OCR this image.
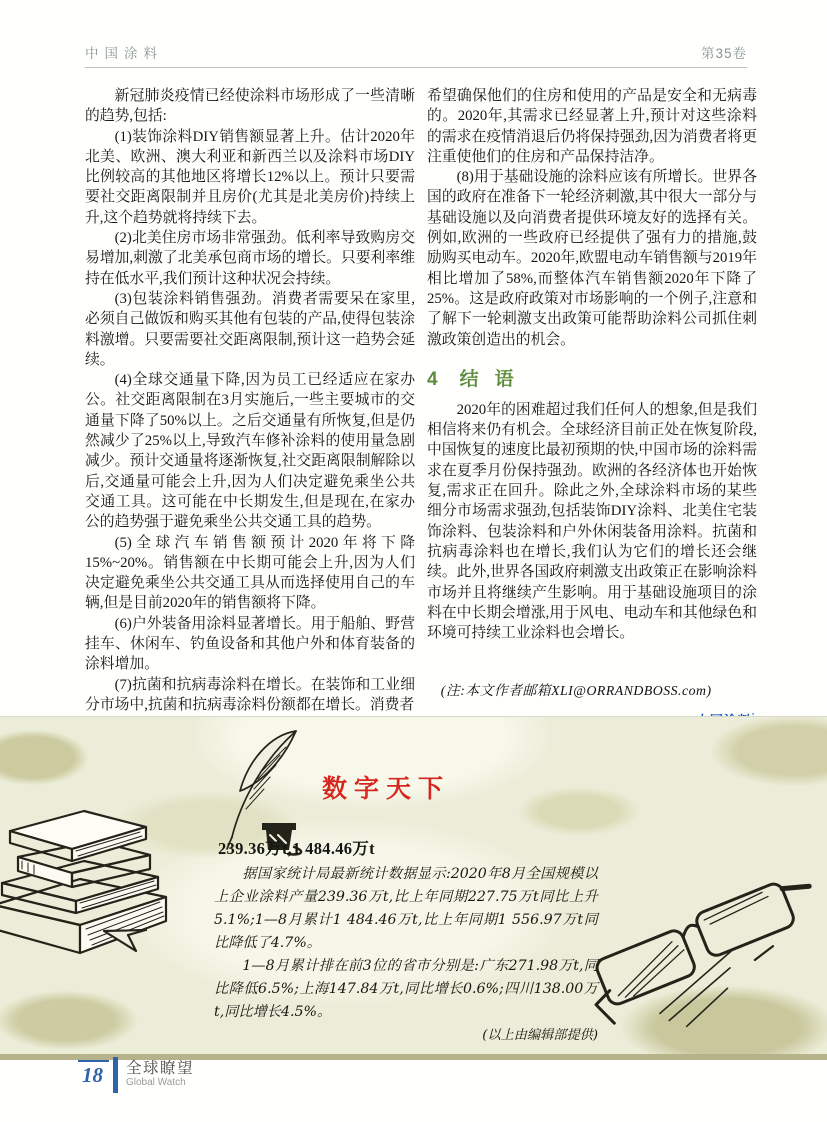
中国涂料	第35卷

新冠肺炎疫情已经使涂料市场形成了一些清晰的趋势,包括:

(1)装饰涂料DIY销售额显著上升。估计2020年北美、欧洲、澳大利亚和新西兰以及涂料市场DIY比例较高的其他地区将增长12%以上。预计只要需要社交距离限制并且房价(尤其是北美房价)持续上升,这个趋势就将持续下去。

(2)北美住房市场非常强劲。低利率导致购房交易增加,刺激了北美承包商市场的增长。只要利率维持在低水平,我们预计这种状况会持续。

(3)包装涂料销售强劲。消费者需要呆在家里,必须自己做饭和购买其他有包装的产品,使得包装涂料激增。只要需要社交距离限制,预计这一趋势会延续。

(4)全球交通量下降,因为员工已经适应在家办公。社交距离限制在3月实施后,一些主要城市的交通量下降了50%以上。之后交通量有所恢复,但是仍然减少了25%以上,导致汽车修补涂料的使用量急剧减少。预计交通量将逐渐恢复,社交距离限制解除以后,交通量可能会上升,因为人们决定避免乘坐公共交通工具。这可能在中长期发生,但是现在,在家办公的趋势强于避免乘坐公共交通工具的趋势。

(5)全球汽车销售额预计2020年将下降15%~20%。销售额在中长期可能会上升,因为人们决定避免乘坐公共交通工具从而选择使用自己的车辆,但是目前2020年的销售额将下降。

(6)户外装备用涂料显著增长。用于船舶、野营挂车、休闲车、钓鱼设备和其他户外和体育装备的涂料增加。

(7)抗菌和抗病毒涂料在增长。在装饰和工业细分市场中,抗菌和抗病毒涂料份额都在增长。消费者

希望确保他们的住房和使用的产品是安全和无病毒的。2020年,其需求已经显著上升,预计对这些涂料的需求在疫情消退后仍将保持强劲,因为消费者将更注重使他们的住房和产品保持洁净。

(8)用于基础设施的涂料应该有所增长。世界各国的政府在准备下一轮经济刺激,其中很大一部分与基础设施以及向消费者提供环境友好的选择有关。例如,欧洲的一些政府已经提供了强有力的措施,鼓励购买电动车。2020年,欧盟电动车销售额与2019年相比增加了58%,而整体汽车销售额2020年下降了25%。这是政府政策对市场影响的一个例子,注意和了解下一轮刺激支出政策可能帮助涂料公司抓住刺激政策创造出的机会。

4 结语

2020年的困难超过我们任何人的想象,但是我们相信将来仍有机会。全球经济目前正处在恢复阶段,中国恢复的速度比最初预期的快,中国市场的涂料需求在夏季月份保持强劲。欧洲的各经济体也开始恢复,需求正在回升。除此之外,全球涂料市场的某些细分市场需求强劲,包括装饰DIY涂料、北美住宅装饰涂料、包装涂料和户外休闲装备用涂料。抗菌和抗病毒涂料也在增长,我们认为它们的增长还会继续。此外,世界各国政府刺激支出政策正在影响涂料市场并且将继续产生影响。用于基础设施项目的涂料在中长期会增涨,用于风电、电动车和其他绿色和环境可持续工业涂料也会增长。

(注:本文作者邮箱XLI@ORRANDBOSS.com)

数字天下
239.36万t,1 484.46万t

据国家统计局最新统计数据显示:2020年8月全国规模以上企业涂料产量239.36万t,比上年同期227.75万t同比上升5.1%;1—8月累计1 484.46万t,比上年同期1 556.97万t同比降低了4.7%。

1—8月累计排在前3位的省市分别是:广东271.98万t,同比降低6.5%;上海147.84万t,同比增长0.6%;四川138.00万t,同比增长4.5%。

(以上由编辑部提供)

18	全球瞭望
Global Watch
